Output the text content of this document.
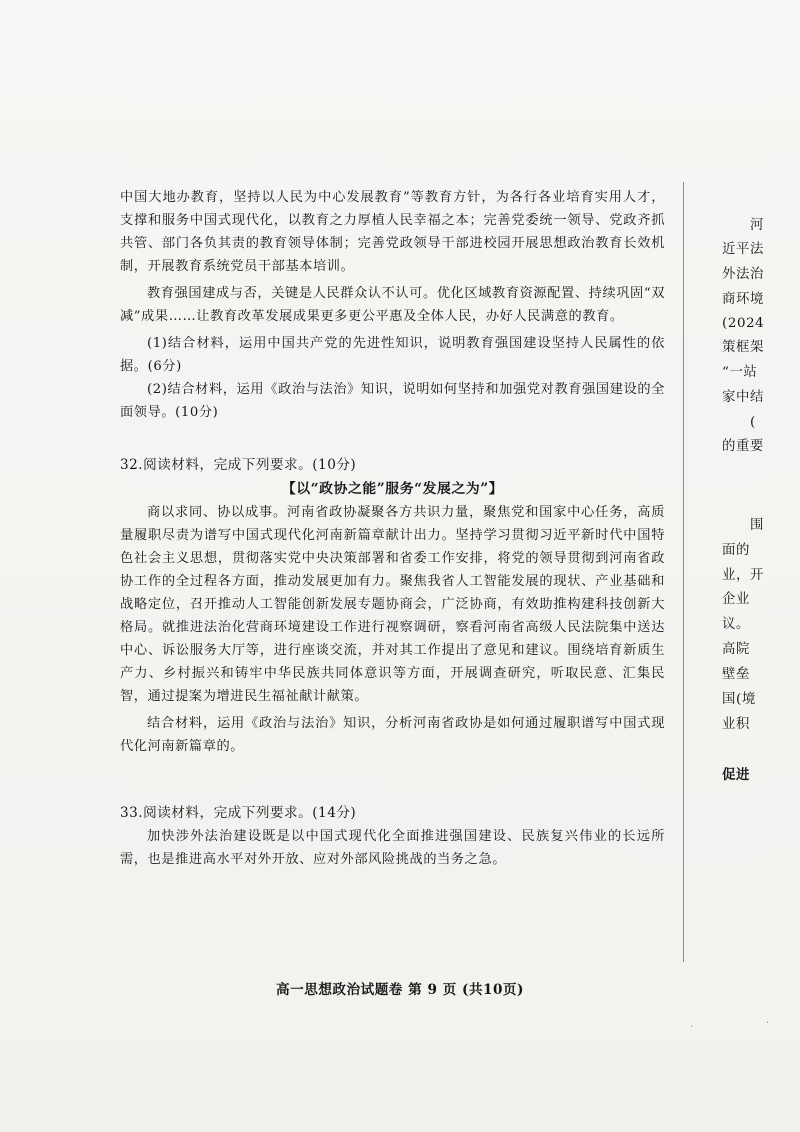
中国大地办教育，坚持以人民为中心发展教育”等教育方针，为各行各业培育实用人才，支撑和服务中国式现代化，以教育之力厚植人民幸福之本；完善党委统一领导、党政齐抓共管、部门各负其责的教育领导体制；完善党政领导干部进校园开展思想政治教育长效机制，开展教育系统党员干部基本培训。

教育强国建成与否，关键是人民群众认不认可。优化区域教育资源配置、持续巩固“双减”成果……让教育改革发展成果更多更公平惠及全体人民，办好人民满意的教育。

(1)结合材料，运用中国共产党的先进性知识，说明教育强国建设坚持人民属性的依据。(6分)

(2)结合材料，运用《政治与法治》知识，说明如何坚持和加强党对教育强国建设的全面领导。(10分)

32.阅读材料，完成下列要求。(10分)

【以“政协之能”服务“发展之为”】

商以求同、协以成事。河南省政协凝聚各方共识力量，聚焦党和国家中心任务，高质量履职尽责为谱写中国式现代化河南新篇章献计出力。坚持学习贯彻习近平新时代中国特色社会主义思想，贯彻落实党中央决策部署和省委工作安排，将党的领导贯彻到河南省政协工作的全过程各方面，推动发展更加有力。聚焦我省人工智能发展的现状、产业基础和战略定位，召开推动人工智能创新发展专题协商会，广泛协商，有效助推构建科技创新大格局。就推进法治化营商环境建设工作进行视察调研，察看河南省高级人民法院集中送达中心、诉讼服务大厅等，进行座谈交流，并对其工作提出了意见和建议。围绕培育新质生产力、乡村振兴和铸牢中华民族共同体意识等方面，开展调查研究，听取民意、汇集民智，通过提案为增进民生福祉献计献策。

结合材料，运用《政治与法治》知识，分析河南省政协是如何通过履职谱写中国式现代化河南新篇章的。

33.阅读材料，完成下列要求。(14分)

加快涉外法治建设既是以中国式现代化全面推进强国建设、民族复兴伟业的长远所需，也是推进高水平对外开放、应对外部风险挑战的当务之急。

河
近平法
外法治
商环境
(2024
策框架
“一站
家中结
(
的重要
围
面的
业，开
企业
议。
高院
壁垒
国(境
业积
促进
高一思想政治试题卷 第 9 页 (共10页)
·	·
